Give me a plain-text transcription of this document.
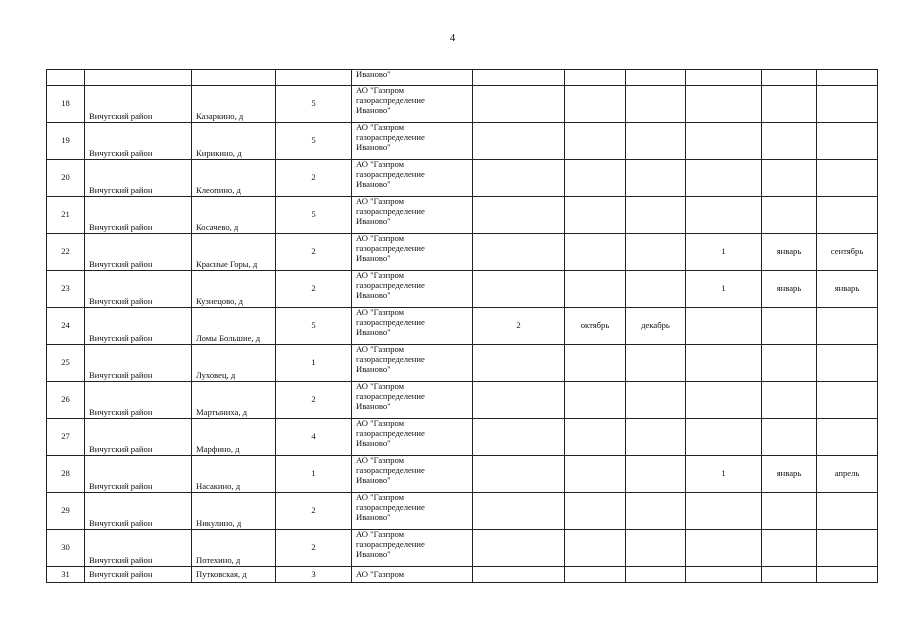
4
				Иваново"						
18	Вичугский район	Казаркино, д	5	АО "Газпром
газораспределение
Иваново"						

19	Вичугский район	Кирикино, д	5	АО "Газпром
газораспределение
Иваново"						

20	Вичугский район	Клеопино, д	2	АО "Газпром
газораспределение
Иваново"						

21	Вичугский район	Косачево, д	5	АО "Газпром
газораспределение
Иваново"						

22	Вичугский район	Красные Горы, д	2	АО "Газпром
газораспределение
Иваново"				1	январь	сентябрь
23	Вичугский район	Кузнецово, д	2	АО "Газпром
газораспределение
Иваново"				1	январь	январь
24	Вичугский район	Ломы Большие, д	5	АО "Газпром
газораспределение
Иваново"	2	октябрь	декабрь			
25	Вичугский район	Луховец, д	1	АО "Газпром
газораспределение
Иваново"						

26	Вичугский район	Мартыниха, д	2	АО "Газпром
газораспределение
Иваново"						

27	Вичугский район	Марфино, д	4	АО "Газпром
газораспределение
Иваново"						

28	Вичугский район	Насакино, д	1	АО "Газпром
газораспределение
Иваново"				1	январь	апрель
29	Вичугский район	Никулино, д	2	АО "Газпром
газораспределение
Иваново"						

30	Вичугский район	Потехино, д	2	АО "Газпром
газораспределение
Иваново"						

31	Вичугский район	Путковская, д	3	АО "Газпром						
